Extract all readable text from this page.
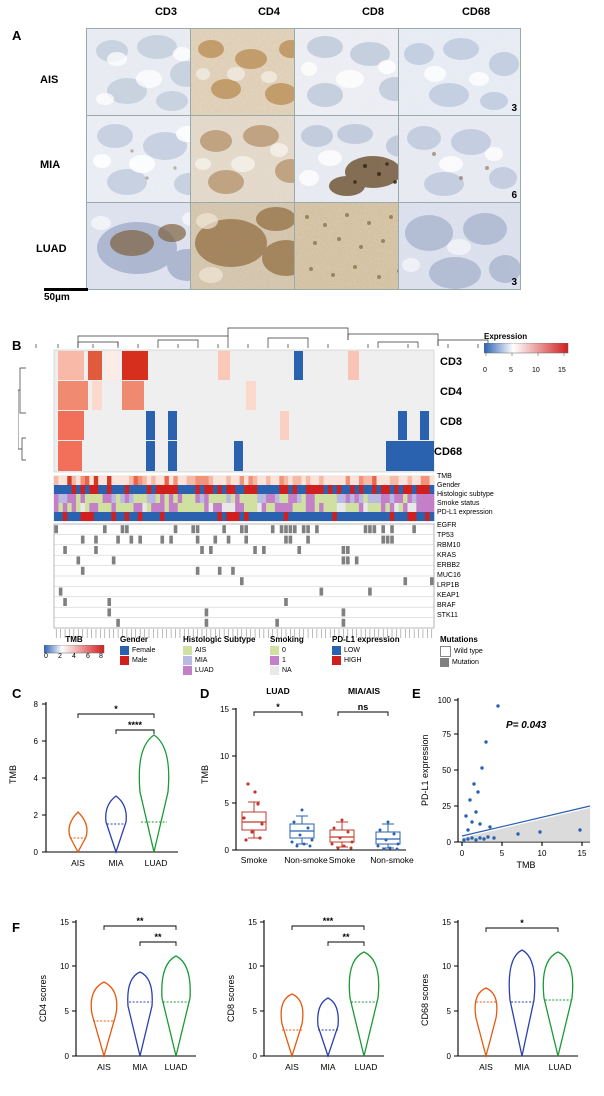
A
CD3	CD4	CD8	CD68
AIS
MIA
LUAD
3
6
3
50µm
B
CD3
CD4
CD8
CD68
Expression
0	5	10	15
TMB
Gender
Histologic subtype
Smoke status
PD-L1 expression
EGFR
TP53
RBM10
KRAS
ERBB2
MUC16
LRP1B
KEAP1
BRAF
STK11
TMB
0 2 4 6 8
Gender
Female
Male
Histologic Subtype
AIS
MIA
LUAD
Smoking
0
1
NA
PD-L1 expression
LOW
HIGH
Mutations
Wild type
Mutation
C
0
2
4
6
8
TMB
*
****
AIS	MIA LUAD
D
0
5
10
15
TMB
LUAD	MIA/AIS
*	ns
Smoke Non-smoke Smoke Non-smoke
E
0
25
50
75
100
0	5	10	15
PD-L1 expression
TMB
P= 0.043
F
0
5
10
15
CD4 scores
**
**
AIS	MIA LUAD
0
5
10
15
CD8 scores
***
**
AIS	MIA LUAD
0
5
10
15
CD68 scores
*
AIS	MIA LUAD
